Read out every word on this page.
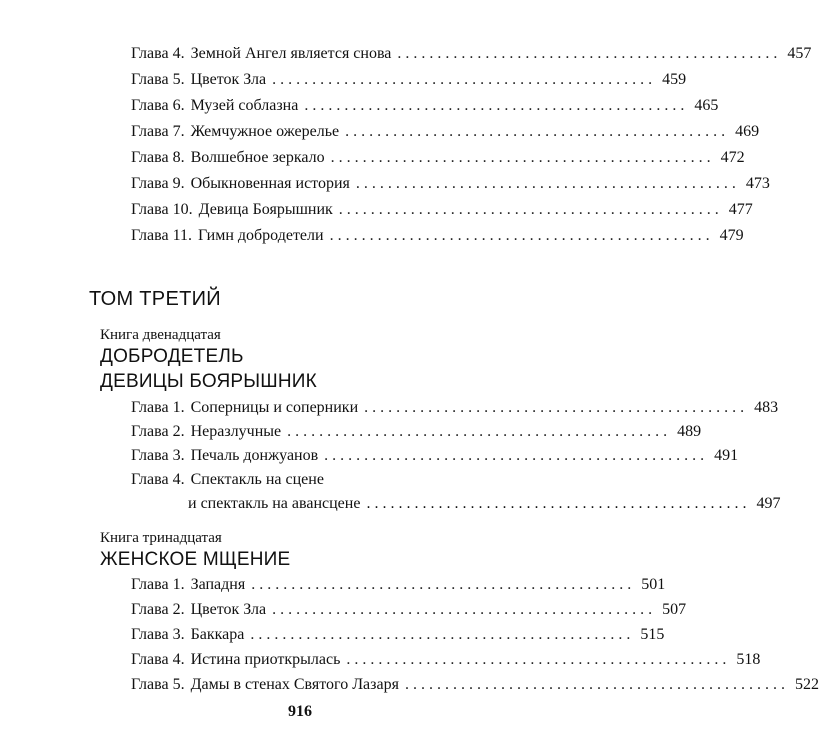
Глава 4. Земной Ангел является снова ................................................ 457
Глава 5. Цветок Зла ................................................ 459
Глава 6. Музей соблазна ................................................ 465
Глава 7. Жемчужное ожерелье ................................................ 469
Глава 8. Волшебное зеркало ................................................ 472
Глава 9. Обыкновенная история ................................................ 473
Глава 10. Девица Боярышник ................................................ 477
Глава 11. Гимн добродетели ................................................ 479
ТОМ ТРЕТИЙ
Книга двенадцатая
ДОБРОДЕТЕЛЬ
ДЕВИЦЫ БОЯРЫШНИК
Глава 1. Соперницы и соперники ................................................ 483
Глава 2. Неразлучные ................................................ 489
Глава 3. Печаль донжуанов ................................................ 491
Глава 4. Спектакль на сцене
и спектакль на авансцене ................................................ 497
Книга тринадцатая
ЖЕНСКОЕ МЩЕНИЕ
Глава 1. Западня ................................................ 501
Глава 2. Цветок Зла ................................................ 507
Глава 3. Баккара ................................................ 515
Глава 4. Истина приоткрылась ................................................ 518
Глава 5. Дамы в стенах Святого Лазаря ................................................ 522
916
